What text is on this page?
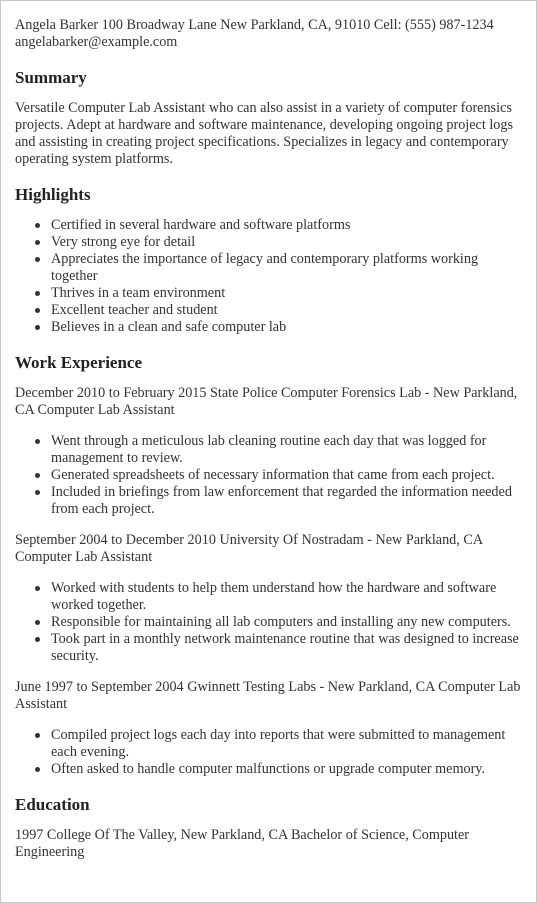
Angela Barker 100 Broadway Lane New Parkland, CA, 91010 Cell: (555) 987-1234
angelabarker@example.com
Summary

Versatile Computer Lab Assistant who can also assist in a variety of computer forensics projects. Adept at hardware and software maintenance, developing ongoing project logs and assisting in creating project specifications. Specializes in legacy and contemporary operating system platforms.

Highlights
Certified in several hardware and software platforms
Very strong eye for detail
Appreciates the importance of legacy and contemporary platforms working together
Thrives in a team environment
Excellent teacher and student
Believes in a clean and safe computer lab
Work Experience

December 2010 to February 2015 State Police Computer Forensics Lab - New Parkland, CA Computer Lab Assistant

Went through a meticulous lab cleaning routine each day that was logged for management to review.
Generated spreadsheets of necessary information that came from each project.
Included in briefings from law enforcement that regarded the information needed from each project.

September 2004 to December 2010 University Of Nostradam - New Parkland, CA Computer Lab Assistant

Worked with students to help them understand how the hardware and software worked together.
Responsible for maintaining all lab computers and installing any new computers.
Took part in a monthly network maintenance routine that was designed to increase security.

June 1997 to September 2004 Gwinnett Testing Labs - New Parkland, CA Computer Lab Assistant

Compiled project logs each day into reports that were submitted to management each evening.
Often asked to handle computer malfunctions or upgrade computer memory.
Education

1997 College Of The Valley, New Parkland, CA Bachelor of Science, Computer Engineering
